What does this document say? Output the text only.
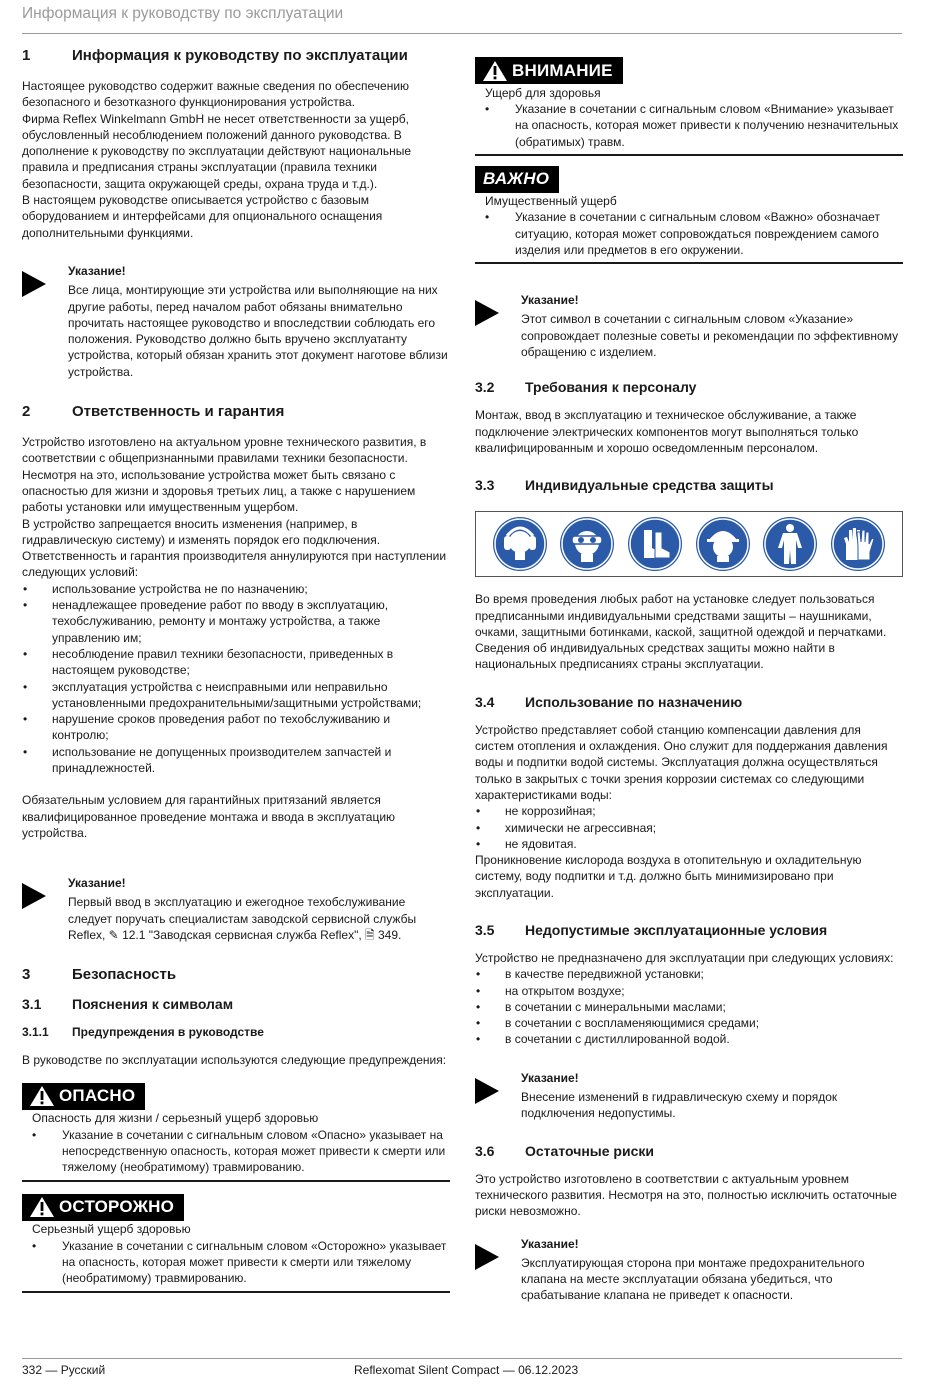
Информация к руководству по эксплуатации
1	Информация к руководству по эксплуатации

Настоящее руководство содержит важные сведения по обеспечению безопасного и безотказного функционирования устройства.

Фирма Reflex Winkelmann GmbH не несет ответственности за ущерб, обусловленный несоблюдением положений данного руководства. В дополнение к руководству по эксплуатации действуют национальные правила и предписания страны эксплуатации (правила техники безопасности, защита окружающей среды, охрана труда и т.д.).

В настоящем руководстве описывается устройство с базовым оборудованием и интерфейсами для опционального оснащения дополнительными функциями.

Указание!

Все лица, монтирующие эти устройства или выполняющие на них другие работы, перед началом работ обязаны внимательно прочитать настоящее руководство и впоследствии соблюдать его положения. Руководство должно быть вручено эксплуатанту устройства, который обязан хранить этот документ наготове вблизи устройства.

2	Ответственность и гарантия

Устройство изготовлено на актуальном уровне технического развития, в соответствии с общепризнанными правилами техники безопасности. Несмотря на это, использование устройства может быть связано с опасностью для жизни и здоровья третьих лиц, а также с нарушением работы установки или имущественным ущербом.

В устройство запрещается вносить изменения (например, в гидравлическую систему) и изменять порядок его подключения.

Ответственность и гарантия производителя аннулируются при наступлении следующих условий:

• использование устройства не по назначению;
• ненадлежащее проведение работ по вводу в эксплуатацию, техобслуживанию, ремонту и монтажу устройства, а также управлению им;
• несоблюдение правил техники безопасности, приведенных в настоящем руководстве;
• эксплуатация устройства с неисправными или неправильно установленными предохранительными/защитными устройствами;
• нарушение сроков проведения работ по техобслуживанию и контролю;
• использование не допущенных производителем запчастей и принадлежностей.

Обязательным условием для гарантийных притязаний является квалифицированное проведение монтажа и ввода в эксплуатацию устройства.

Указание!

Первый ввод в эксплуатацию и ежегодное техобслуживание следует поручать специалистам заводской сервисной службы Reflex, ✎ 12.1 "Заводская сервисная служба Reflex", 🗎 349.

3	Безопасность
3.1	Пояснения к символам
3.1.1	Предупреждения в руководстве

В руководстве по эксплуатации используются следующие предупреждения:

ОПАСНО
Опасность для жизни / серьезный ущерб здоровью
• Указание в сочетании с сигнальным словом «Опасно» указывает на непосредственную опасность, которая может привести к смерти или тяжелому (необратимому) травмированию.
ОСТОРОЖНО
Серьезный ущерб здоровью
• Указание в сочетании с сигнальным словом «Осторожно» указывает на опасность, которая может привести к смерти или тяжелому (необратимому) травмированию.
ВНИМАНИЕ
Ущерб для здоровья
• Указание в сочетании с сигнальным словом «Внимание» указывает на опасность, которая может привести к получению незначительных (обратимых) травм.
ВАЖНО
Имущественный ущерб
• Указание в сочетании с сигнальным словом «Важно» обозначает ситуацию, которая может сопровождаться повреждением самого изделия или предметов в его окружении.
Указание!

Этот символ в сочетании с сигнальным словом «Указание» сопровождает полезные советы и рекомендации по эффективному обращению с изделием.

3.2	Требования к персоналу

Монтаж, ввод в эксплуатацию и техническое обслуживание, а также подключение электрических компонентов могут выполняться только квалифицированным и хорошо осведомленным персоналом.

3.3	Индивидуальные средства защиты

Во время проведения любых работ на установке следует пользоваться предписанными индивидуальными средствами защиты – наушниками, очками, защитными ботинками, каской, защитной одеждой и перчатками. Сведения об индивидуальных средствах защиты можно найти в национальных предписаниях страны эксплуатации.

3.4	Использование по назначению

Устройство представляет собой станцию компенсации давления для систем отопления и охлаждения. Оно служит для поддержания давления воды и подпитки водой системы. Эксплуатация должна осуществляться только в закрытых с точки зрения коррозии системах со следующими характеристиками воды:

• не коррозийная;
• химически не агрессивная;
• не ядовитая.

Проникновение кислорода воздуха в отопительную и охладительную систему, воду подпитки и т.д. должно быть минимизировано при эксплуатации.

3.5	Недопустимые эксплуатационные условия

Устройство не предназначено для эксплуатации при следующих условиях:

• в качестве передвижной установки;
• на открытом воздухе;
• в сочетании с минеральными маслами;
• в сочетании с воспламеняющимися средами;
• в сочетании с дистиллированной водой.
Указание!

Внесение изменений в гидравлическую схему и порядок подключения недопустимы.

3.6	Остаточные риски

Это устройство изготовлено в соответствии с актуальным уровнем технического развития. Несмотря на это, полностью исключить остаточные риски невозможно.

Указание!

Эксплуатирующая сторона при монтаже предохранительного клапана на месте эксплуатации обязана убедиться, что срабатывание клапана не приведет к опасности.

332 — Русский	Reflexomat Silent Compact — 06.12.2023
